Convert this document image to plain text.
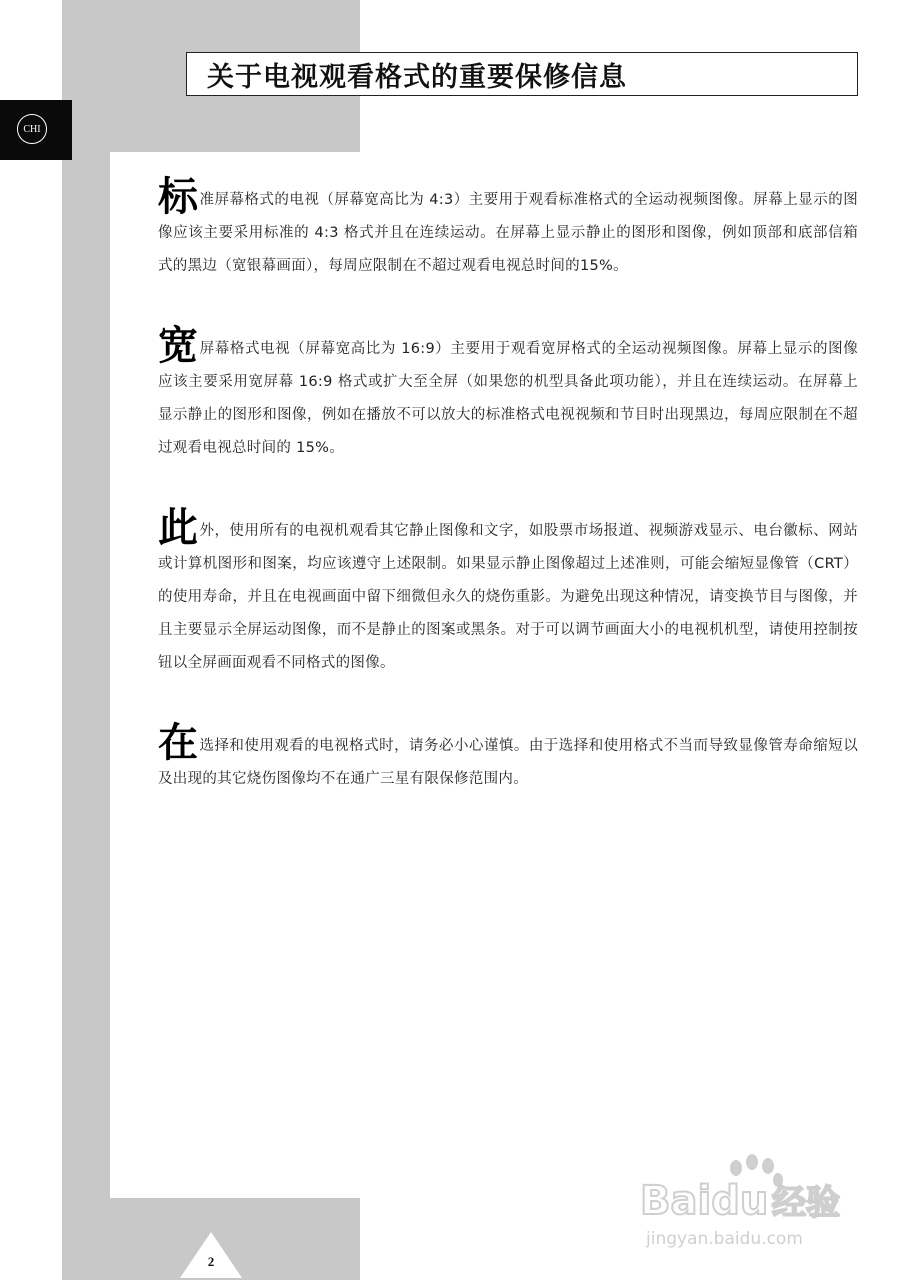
CHI
关于电视观看格式的重要保修信息

标准屏幕格式的电视（屏幕宽高比为 4:3）主要用于观看标准格式的全运动视频图像。屏幕上显示的图像应该主要采用标准的 4:3 格式并且在连续运动。在屏幕上显示静止的图形和图像，例如顶部和底部信箱式的黑边（宽银幕画面），每周应限制在不超过观看电视总时间的15%。

宽屏幕格式电视（屏幕宽高比为 16:9）主要用于观看宽屏格式的全运动视频图像。屏幕上显示的图像应该主要采用宽屏幕 16:9 格式或扩大至全屏（如果您的机型具备此项功能），并且在连续运动。在屏幕上显示静止的图形和图像，例如在播放不可以放大的标准格式电视视频和节目时出现黑边，每周应限制在不超过观看电视总时间的 15%。

此外，使用所有的电视机观看其它静止图像和文字，如股票市场报道、视频游戏显示、电台徽标、网站或计算机图形和图案，均应该遵守上述限制。如果显示静止图像超过上述准则，可能会缩短显像管（CRT）的使用寿命，并且在电视画面中留下细微但永久的烧伤重影。为避免出现这种情况，请变换节目与图像，并且主要显示全屏运动图像，而不是静止的图案或黑条。对于可以调节画面大小的电视机机型，请使用控制按钮以全屏画面观看不同格式的图像。

在选择和使用观看的电视格式时，请务必小心谨慎。由于选择和使用格式不当而导致显像管寿命缩短以及出现的其它烧伤图像均不在通广三星有限保修范围内。

Baidu 经验
jingyan.baidu.com
2
